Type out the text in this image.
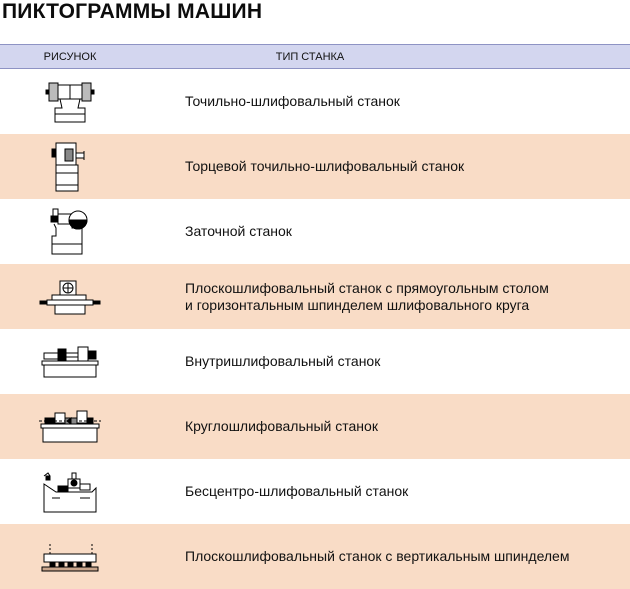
ПИКТОГРАММЫ МАШИН
РИСУНОК	ТИП СТАНКА
Точильно-шлифовальный станок
Торцевой точильно-шлифовальный станок
Заточной станок
Плоскошлифовальный станок с прямоугольным столом
и горизонтальным шпинделем шлифовального круга
Внутришлифовальный станок
Круглошлифовальный станок
Бесцентро-шлифовальный станок
Плоскошлифовальный станок с вертикальным шпинделем
